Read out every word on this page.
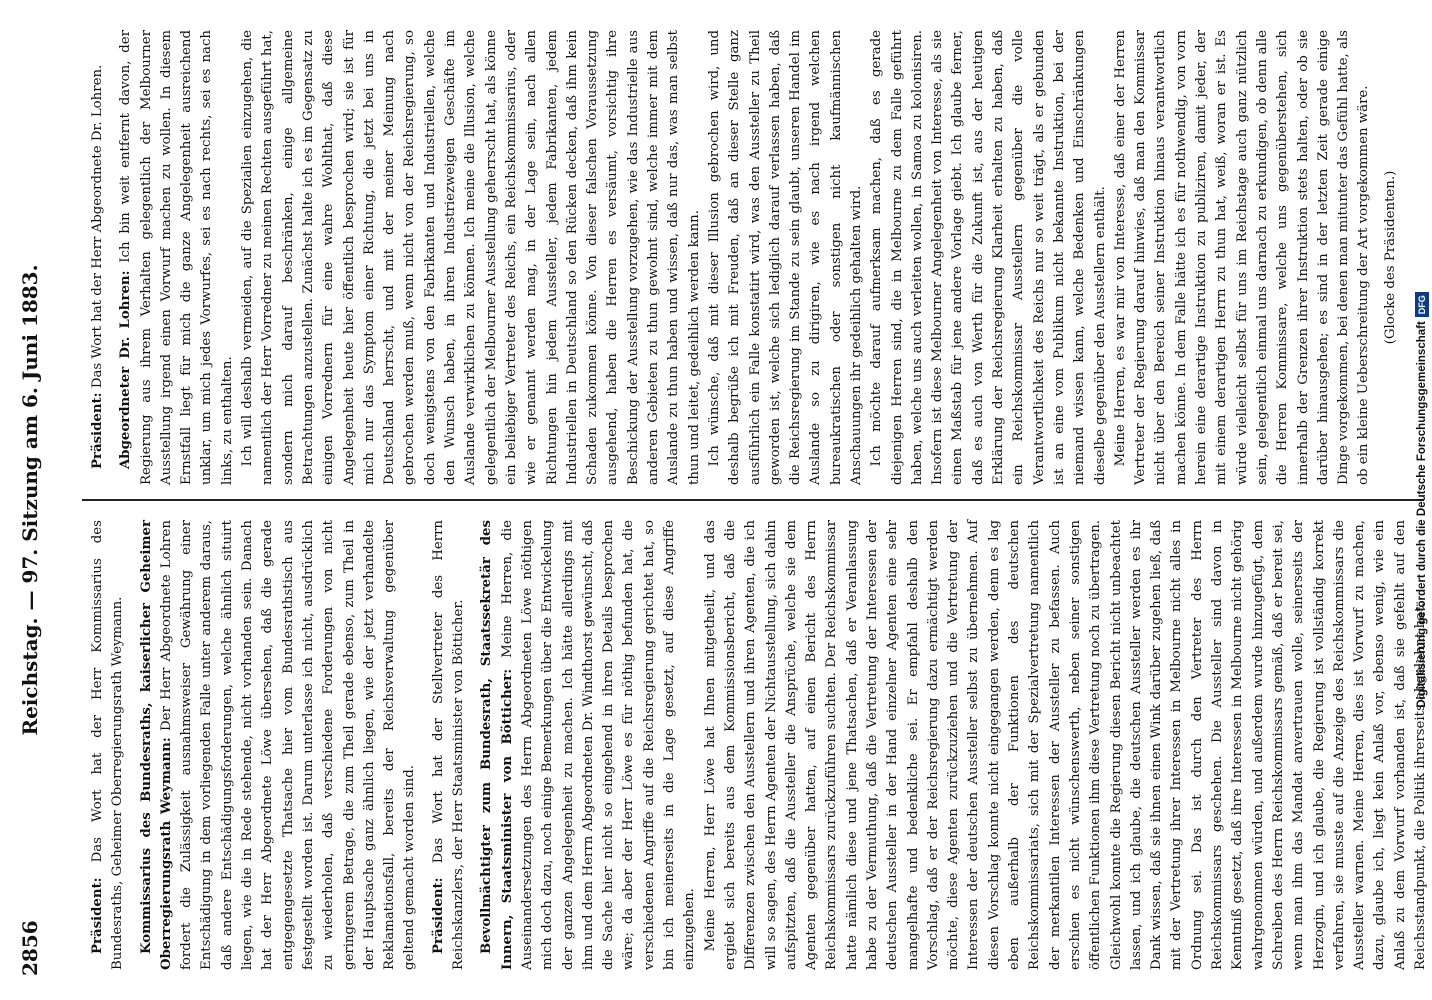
2856
Reichstag. — 97. Sitzung am 6. Juni 1883.

Präsident: Das Wort hat der Herr Kommissarius des Bundesraths, Geheimer Oberregierungsrath Weymann. Kommissarius des Bundesraths, kaiserlicher Geheimer Oberregierungsrath Weymann: Der Herr Abgeordnete Lohren fordert die Zulässigkeit ausnahmsweiser Gewährung einer Entschädigung in dem vorliegenden Falle unter anderem daraus, daß andere Entschädigungsforderungen, welche ähnlich situirt liegen, wie die in Rede stehende, nicht vorhanden sein. Danach hat der Herr Abgeordnete Löwe übersehen, daß die gerade entgegengesetzte Thatsache hier vom Bundesrathstisch aus festgestellt worden ist. Darum unterlasse ich nicht, ausdrücklich zu wiederholen, daß verschiedene Forderungen von nicht geringerem Betrage, die zum Theil gerade ebenso, zum Theil in der Hauptsache ganz ähnlich liegen, wie der jetzt verhandelte Reklamationsfall, bereits der Reichsverwaltung gegenüber geltend gemacht worden sind. Präsident: Das Wort hat der Stellvertreter des Herrn Reichskanzlers, der Herr Staatsminister von Bötticher. Bevollmächtigter zum Bundesrath, Staatssekretär des Innern, Staatsminister von Bötticher: Meine Herren, die Auseinandersetzungen des Herrn Abgeordneten Löwe nöthigen mich doch dazu, noch einige Bemerkungen über die Entwickelung der ganzen Angelegenheit zu machen. Ich hätte allerdings mit ihm und dem Herrn Abgeordneten Dr. Windthorst gewünscht, daß die Sache hier nicht so eingehend in ihren Details besprochen wäre; da aber der Herr Löwe es für nöthig befunden hat, die verschiedenen Angriffe auf die Reichsregierung gerichtet hat, so bin ich meinerseits in die Lage gesetzt, auf diese Angriffe einzugehen. Meine Herren, Herr Löwe hat Ihnen mitgetheilt, und das ergiebt sich bereits aus dem Kommissionsbericht, daß die Differenzen zwischen den Ausstellern und ihren Agenten, die ich will so sagen, des Herrn Agenten der Nichtausstellung, sich dahin aufspitzten, daß die Aussteller die Ansprüche, welche sie dem Agenten gegenüber hatten, auf einen Bericht des Herrn Reichskommissars zurückzuführen suchten. Der Reichskommissar hatte nämlich diese und jene Thatsachen, daß er Veranlassung habe zu der Vermuthung, daß die Vertretung der Interessen der deutschen Aussteller in der Hand einzelner Agenten eine sehr mangelhafte und bedenkliche sei. Er empfahl deshalb den Vorschlag, daß er der Reichsregierung dazu ermächtigt werden möchte, diese Agenten zurückzuziehen und die Vertretung der Interessen der deutschen Aussteller selbst zu übernehmen. Auf diesen Vorschlag konnte nicht eingegangen werden, denn es lag eben außerhalb der Funktionen des deutschen Reichskommissariats, sich mit der Spezialvertretung namentlich der merkantilen Interessen der Aussteller zu befassen. Auch erschien es nicht wünschenswerth, neben seiner sonstigen öffentlichen Funktionen ihm diese Vertretung noch zu übertragen. Gleichwohl konnte die Regierung diesen Bericht nicht unbeachtet lassen, und ich glaube, die deutschen Aussteller werden es ihr Dank wissen, daß sie ihnen einen Wink darüber zugehen ließ, daß mit der Vertretung ihrer Interessen in Melbourne nicht alles in Ordnung sei. Das ist durch den Vertreter des Herrn Reichskommissars geschehen. Die Aussteller sind davon in Kenntniß gesetzt, daß ihre Interessen in Melbourne nicht gehörig wahrgenommen würden, und außerdem wurde hinzugefügt, dem Schreiben des Herrn Reichskommissars gemäß, daß er bereit sei, wenn man ihm das Mandat anvertrauen wolle, seinerseits der Herzogin, und ich glaube, die Regierung ist vollständig korrekt verfahren, sie musste auf die Anzeige des Reichskommissars die Aussteller warnen. Meine Herren, dies ist Vorwurf zu machen, dazu, glaube ich, liegt kein Anlaß vor, ebenso wenig, wie ein Anlaß zu dem Vorwurf vorhanden ist, daß sie gefehlt auf den Reichsstandpunkt, die Politik ihrerseits abgelehnt hat.

Präsident: Das Wort hat der Herr Abgeordnete Dr. Lohren. Abgeordneter Dr. Lohren: Ich bin weit entfernt davon, der Regierung aus ihrem Verhalten gelegentlich der Melbourner Ausstellung irgend einen Vorwurf machen zu wollen. In diesem Ernstfall liegt für mich die ganze Angelegenheit ausreichend unklar, um mich jedes Vorwurfes, sei es nach rechts, sei es nach links, zu enthalten. Ich will deshalb vermeiden, auf die Spezialien einzugehen, die namentlich der Herr Vorredner zu meinen Rechten ausgeführt hat, sondern mich darauf beschränken, einige allgemeine Betrachtungen anzustellen. Zunächst halte ich es im Gegensatz zu einigen Vorrednern für eine wahre Wohlthat, daß diese Angelegenheit heute hier öffentlich besprochen wird; sie ist für mich nur das Symptom einer Richtung, die jetzt bei uns in Deutschland herrscht, und mit der meiner Meinung nach gebrochen werden muß, wenn nicht von der Reichsregierung, so doch wenigstens von den Fabrikanten und Industriellen, welche den Wunsch haben, in ihren Industriezweigen Geschäfte im Auslande verwirklichen zu können. Ich meine die Illusion, welche gelegentlich der Melbourner Ausstellung geherrscht hat, als könne ein beliebiger Vertreter des Reichs, ein Reichskommissarius, oder wie er genannt werden mag, in der Lage sein, nach allen Richtungen hin jedem Aussteller, jedem Fabrikanten, jedem Industriellen in Deutschland so den Rücken decken, daß ihm kein Schaden zukommen könne. Von dieser falschen Voraussetzung ausgehend, haben die Herren es versäumt, vorsichtig ihre Beschickung der Ausstellung vorzugehen, wie das Industrielle aus anderen Gebieten zu thun gewohnt sind, welche immer mit dem Auslande zu thun haben und wissen, daß nur das, was man selbst thun und leitet, gedeihlich werden kann. Ich wünsche, daß mit dieser Illusion gebrochen wird, und deshalb begrüße ich mit Freuden, daß an dieser Stelle ganz ausführlich ein Falle konstatirt wird, was den Aussteller zu Theil geworden ist, welche sich lediglich darauf verlassen haben, daß die Reichsregierung im Stande zu sein glaubt, unseren Handel im Auslande so zu dirigiren, wie es nach irgend welchen bureaukratischen oder sonstigen nicht kaufmännischen Anschauungen ihr gedeihlich gehalten wird. Ich möchte darauf aufmerksam machen, daß es gerade diejenigen Herren sind, die in Melbourne zu dem Falle geführt haben, welche uns auch verleiten wollen, in Samoa zu kolonisiren. Insofern ist diese Melbourner Angelegenheit von Interesse, als sie einen Maßstab für jene andere Vorlage giebt. Ich glaube ferner, daß es auch von Werth für die Zukunft ist, aus der heutigen Erklärung der Reichsregierung Klarheit erhalten zu haben, daß ein Reichskommissar Ausstellern gegenüber die volle Verantwortlichkeit des Reichs nur so weit trägt, als er gebunden ist an eine vom Publikum nicht bekannte Instruktion, bei der niemand wissen kann, welche Bedenken und Einschränkungen dieselbe gegenüber den Ausstellern enthält. Meine Herren, es war mir von Interesse, daß einer der Herren Vertreter der Regierung darauf hinwies, daß man den Kommissar nicht über den Bereich seiner Instruktion hinaus verantwortlich machen könne. In dem Falle hätte ich es für nothwendig, von vorn herein eine derartige Instruktion zu publiziren, damit jeder, der mit einem derartigen Herrn zu thun hat, weiß, woran er ist. Es würde vielleicht selbst für uns im Reichstage auch ganz nützlich sein, gelegentlich einmal uns darnach zu erkundigen, ob denn alle die Herren Kommissare, welche uns gegenüberstehen, sich innerhalb der Grenzen ihrer Instruktion stets halten, oder ob sie darüber hinausgehen; es sind in der letzten Zeit gerade einige Dinge vorgekommen, bei denen man mitunter das Gefühl hatte, als ob ein kleine Ueberschreitung der Art vorgekommen wäre. (Glocke des Präsidenten.)

Digitalisierung gefördert durch die Deutsche ForschungsgemeinschaftDFG
